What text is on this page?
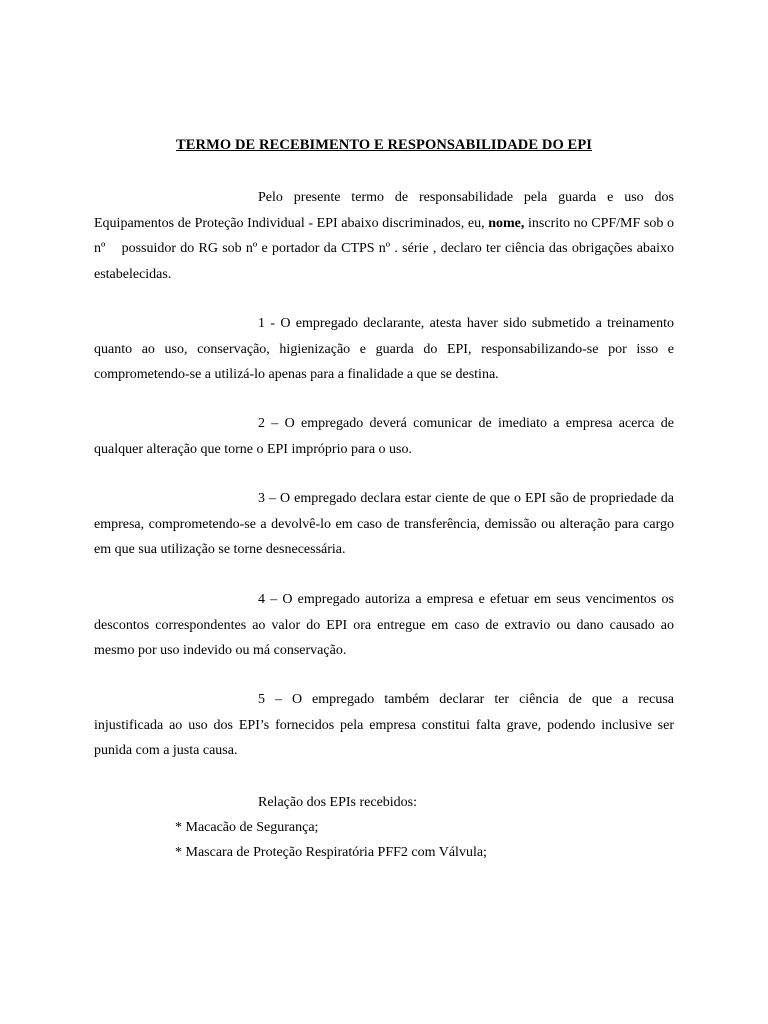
TERMO DE RECEBIMENTO E RESPONSABILIDADE DO EPI

Pelo presente termo de responsabilidade pela guarda e uso dos Equipamentos de Proteção Individual - EPI abaixo discriminados, eu, nome, inscrito no CPF/MF sob o nº possuidor do RG sob nº e portador da CTPS nº . série , declaro ter ciência das obrigações abaixo estabelecidas.

1 - O empregado declarante, atesta haver sido submetido a treinamento quanto ao uso, conservação, higienização e guarda do EPI, responsabilizando-se por isso e comprometendo-se a utilizá-lo apenas para a finalidade a que se destina.

2 – O empregado deverá comunicar de imediato a empresa acerca de qualquer alteração que torne o EPI impróprio para o uso.

3 – O empregado declara estar ciente de que o EPI são de propriedade da empresa, comprometendo-se a devolvê-lo em caso de transferência, demissão ou alteração para cargo em que sua utilização se torne desnecessária.

4 – O empregado autoriza a empresa e efetuar em seus vencimentos os descontos correspondentes ao valor do EPI ora entregue em caso de extravio ou dano causado ao mesmo por uso indevido ou má conservação.

5 – O empregado também declarar ter ciência de que a recusa injustificada ao uso dos EPI’s fornecidos pela empresa constitui falta grave, podendo inclusive ser punida com a justa causa.

Relação dos EPIs recebidos:
* Macacão de Segurança;
* Mascara de Proteção Respiratória PFF2 com Válvula;
